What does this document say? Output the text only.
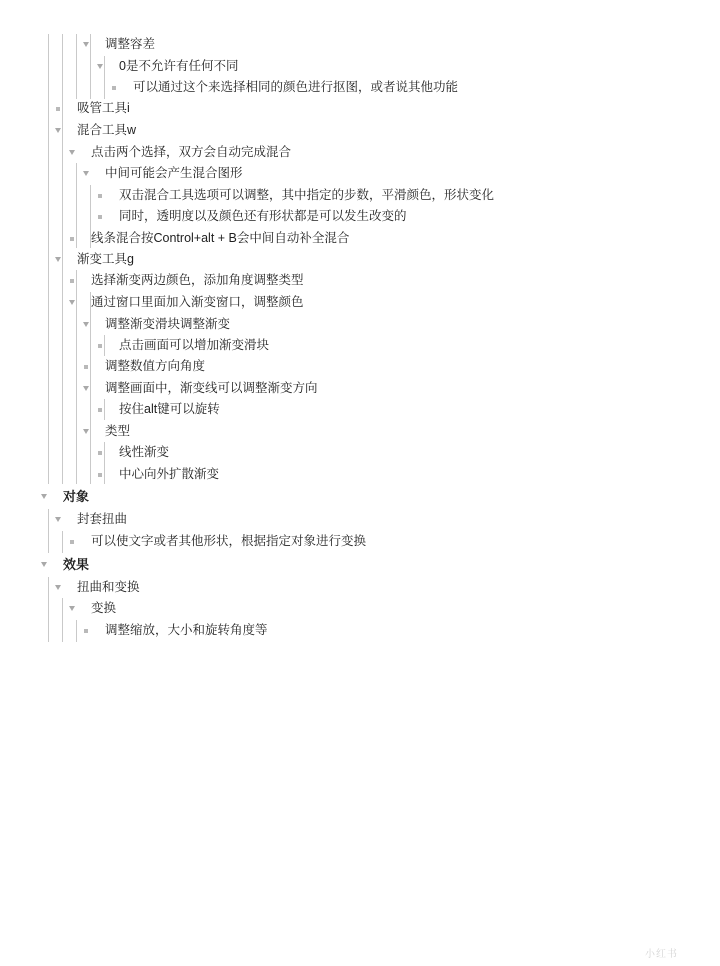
调整容差
0是不允许有任何不同
可以通过这个来选择相同的颜色进行抠图，或者说其他功能
吸管工具i
混合工具w
点击两个选择，双方会自动完成混合
中间可能会产生混合图形
双击混合工具选项可以调整，其中指定的步数，平滑颜色，形状变化
同时，透明度以及颜色还有形状都是可以发生改变的
线条混合按Control+alt + B会中间自动补全混合
渐变工具g
选择渐变两边颜色，添加角度调整类型
通过窗口里面加入渐变窗口，调整颜色
调整渐变滑块调整渐变
点击画面可以增加渐变滑块
调整数值方向角度
调整画面中，渐变线可以调整渐变方向
按住alt键可以旋转
类型
线性渐变
中心向外扩散渐变
对象
封套扭曲
可以使文字或者其他形状，根据指定对象进行变换
效果
扭曲和变换
变换
调整缩放，大小和旋转角度等
小红书
